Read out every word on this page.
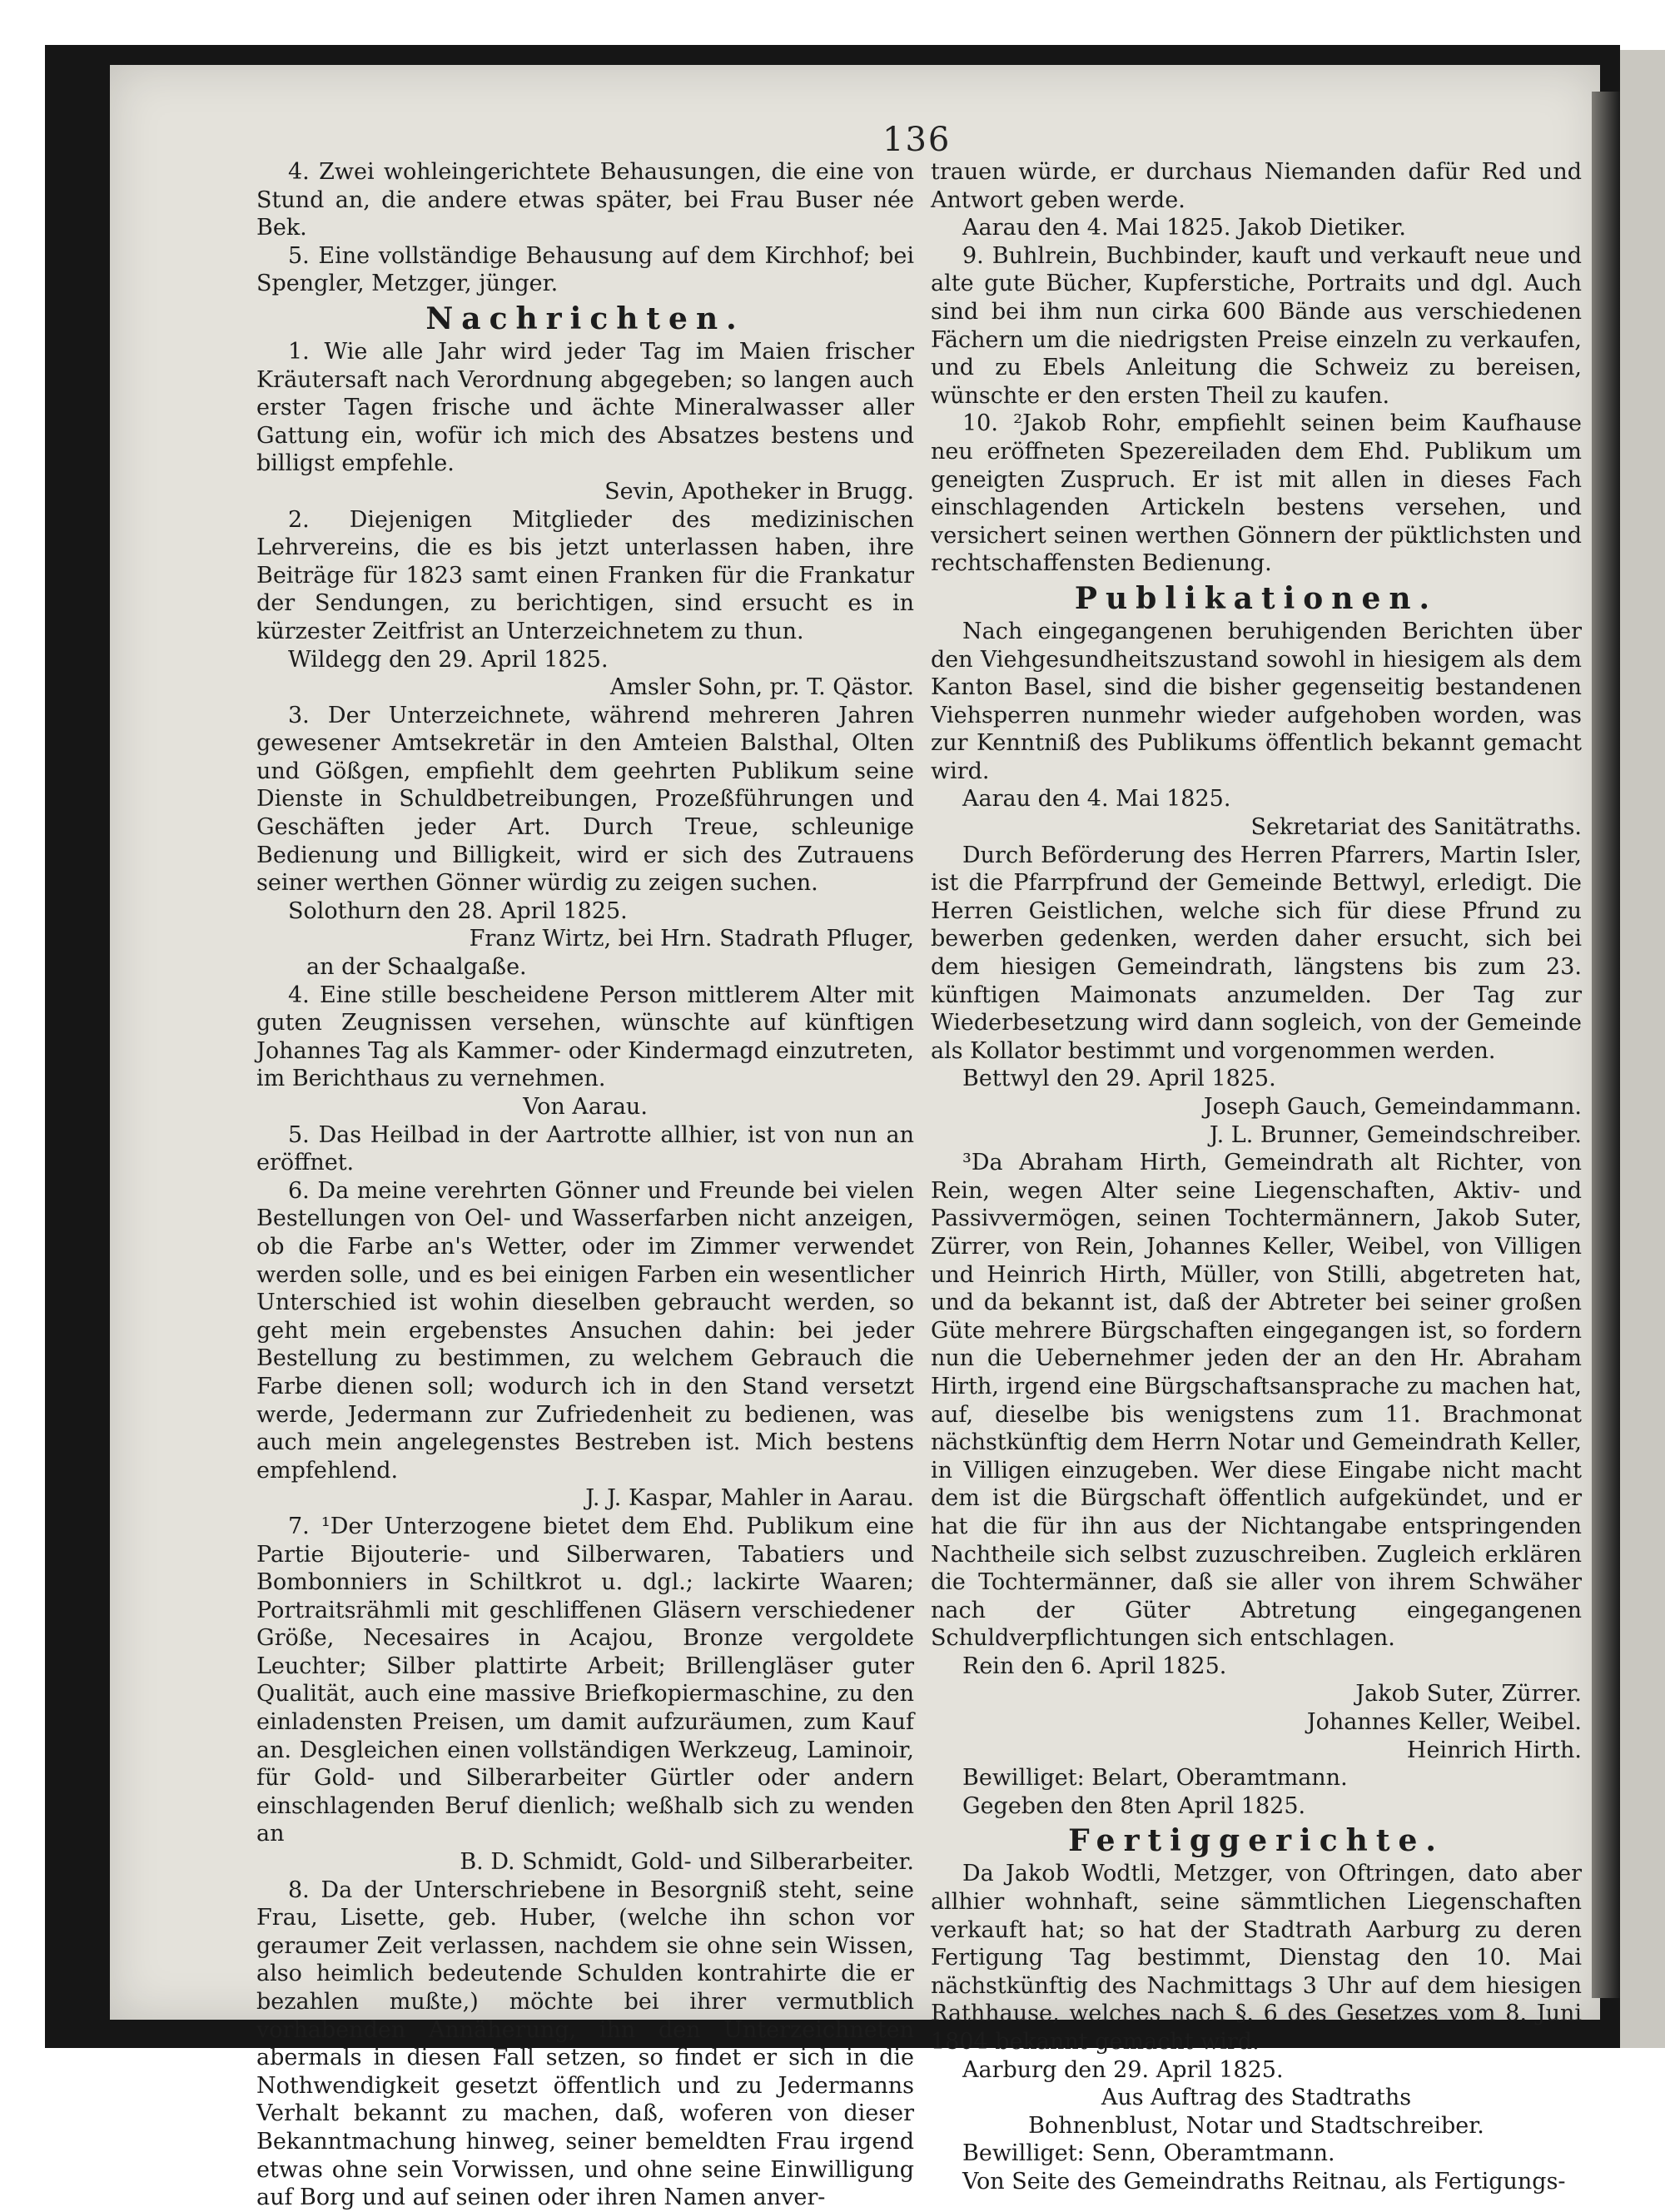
136

4. Zwei wohleingerichtete Behausungen, die eine von Stund an, die andere etwas später, bei Frau Buser née Bek.

5. Eine vollständige Behausung auf dem Kirchhof; bei Spengler, Metzger, jünger.

Nachrichten.

1. Wie alle Jahr wird jeder Tag im Maien frischer Kräutersaft nach Verordnung abgegeben; so langen auch erster Tagen frische und ächte Mineralwasser aller Gattung ein, wofür ich mich des Absatzes bestens und billigst empfehle.

Sevin, Apotheker in Brugg.

2. Diejenigen Mitglieder des medizinischen Lehrvereins, die es bis jetzt unterlassen haben, ihre Beiträge für 1823 samt einen Franken für die Frankatur der Sendungen, zu berichtigen, sind ersucht es in kürzester Zeitfrist an Unterzeichnetem zu thun.

Wildegg den 29. April 1825.

Amsler Sohn, pr. T. Qästor.

3. Der Unterzeichnete, während mehreren Jahren gewesener Amtsekretär in den Amteien Balsthal, Olten und Gößgen, empfiehlt dem geehrten Publikum seine Dienste in Schuldbetreibungen, Prozeßführungen und Geschäften jeder Art. Durch Treue, schleunige Bedienung und Billigkeit, wird er sich des Zutrauens seiner werthen Gönner würdig zu zeigen suchen.

Solothurn den 28. April 1825.

Franz Wirtz, bei Hrn. Stadrath Pfluger,

an der Schaalgaße.

4. Eine stille bescheidene Person mittlerem Alter mit guten Zeugnissen versehen, wünschte auf künftigen Johannes Tag als Kammer- oder Kindermagd einzutreten, im Berichthaus zu vernehmen.

Von Aarau.

5. Das Heilbad in der Aartrotte allhier, ist von nun an eröffnet.

6. Da meine verehrten Gönner und Freunde bei vielen Bestellungen von Oel- und Wasserfarben nicht anzeigen, ob die Farbe an's Wetter, oder im Zimmer verwendet werden solle, und es bei einigen Farben ein wesentlicher Unterschied ist wohin dieselben gebraucht werden, so geht mein ergebenstes Ansuchen dahin: bei jeder Bestellung zu bestimmen, zu welchem Gebrauch die Farbe dienen soll; wodurch ich in den Stand versetzt werde, Jedermann zur Zufriedenheit zu bedienen, was auch mein angelegenstes Bestreben ist. Mich bestens empfehlend.

J. J. Kaspar, Mahler in Aarau.

7. ¹Der Unterzogene bietet dem Ehd. Publikum eine Partie Bijouterie- und Silberwaren, Tabatiers und Bombonniers in Schiltkrot u. dgl.; lackirte Waaren; Portraitsrähmli mit geschliffenen Gläsern verschiedener Größe, Necesaires in Acajou, Bronze vergoldete Leuchter; Silber plattirte Arbeit; Brillengläser guter Qualität, auch eine massive Briefkopiermaschine, zu den einladensten Preisen, um damit aufzuräumen, zum Kauf an. Desgleichen einen vollständigen Werkzeug, Laminoir, für Gold- und Silberarbeiter Gürtler oder andern einschlagenden Beruf dienlich; weßhalb sich zu wenden an

B. D. Schmidt, Gold- und Silberarbeiter.

8. Da der Unterschriebene in Besorgniß steht, seine Frau, Lisette, geb. Huber, (welche ihn schon vor geraumer Zeit verlassen, nachdem sie ohne sein Wissen, also heimlich bedeutende Schulden kontrahirte die er bezahlen mußte,) möchte bei ihrer vermutblich vorhabenden Annäherung, ihn den Unterzeichneten abermals in diesen Fall setzen, so findet er sich in die Nothwendigkeit gesetzt öffentlich und zu Jedermanns Verhalt bekannt zu machen, daß, woferen von dieser Bekanntmachung hinweg, seiner bemeldten Frau irgend etwas ohne sein Vorwissen, und ohne seine Einwilligung auf Borg und auf seinen oder ihren Namen anver-

trauen würde, er durchaus Niemanden dafür Red und Antwort geben werde.

Aarau den 4. Mai 1825. Jakob Dietiker.

9. Buhlrein, Buchbinder, kauft und verkauft neue und alte gute Bücher, Kupferstiche, Portraits und dgl. Auch sind bei ihm nun cirka 600 Bände aus verschiedenen Fächern um die niedrigsten Preise einzeln zu verkaufen, und zu Ebels Anleitung die Schweiz zu bereisen, wünschte er den ersten Theil zu kaufen.

10. ²Jakob Rohr, empfiehlt seinen beim Kaufhause neu eröffneten Spezereiladen dem Ehd. Publikum um geneigten Zuspruch. Er ist mit allen in dieses Fach einschlagenden Artickeln bestens versehen, und versichert seinen werthen Gönnern der püktlichsten und rechtschaffensten Bedienung.

Publikationen.

Nach eingegangenen beruhigenden Berichten über den Viehgesundheitszustand sowohl in hiesigem als dem Kanton Basel, sind die bisher gegenseitig bestandenen Viehsperren nunmehr wieder aufgehoben worden, was zur Kenntniß des Publikums öffentlich bekannt gemacht wird.

Aarau den 4. Mai 1825.

Sekretariat des Sanitätraths.

Durch Beförderung des Herren Pfarrers, Martin Isler, ist die Pfarrpfrund der Gemeinde Bettwyl, erledigt. Die Herren Geistlichen, welche sich für diese Pfrund zu bewerben gedenken, werden daher ersucht, sich bei dem hiesigen Gemeindrath, längstens bis zum 23. künftigen Maimonats anzumelden. Der Tag zur Wiederbesetzung wird dann sogleich, von der Gemeinde als Kollator bestimmt und vorgenommen werden.

Bettwyl den 29. April 1825.

Joseph Gauch, Gemeindammann.

J. L. Brunner, Gemeindschreiber.

³Da Abraham Hirth, Gemeindrath alt Richter, von Rein, wegen Alter seine Liegenschaften, Aktiv- und Passivvermögen, seinen Tochtermännern, Jakob Suter, Zürrer, von Rein, Johannes Keller, Weibel, von Villigen und Heinrich Hirth, Müller, von Stilli, abgetreten hat, und da bekannt ist, daß der Abtreter bei seiner großen Güte mehrere Bürgschaften eingegangen ist, so fordern nun die Uebernehmer jeden der an den Hr. Abraham Hirth, irgend eine Bürgschaftsansprache zu machen hat, auf, dieselbe bis wenigstens zum 11. Brachmonat nächstkünftig dem Herrn Notar und Gemeindrath Keller, in Villigen einzugeben. Wer diese Eingabe nicht macht dem ist die Bürgschaft öffentlich aufgekündet, und er hat die für ihn aus der Nichtangabe entspringenden Nachtheile sich selbst zuzuschreiben. Zugleich erklären die Tochtermänner, daß sie aller von ihrem Schwäher nach der Güter Abtretung eingegangenen Schuldverpflichtungen sich entschlagen.

Rein den 6. April 1825.

Jakob Suter, Zürrer.

Johannes Keller, Weibel.

Heinrich Hirth.

Bewilliget: Belart, Oberamtmann.

Gegeben den 8ten April 1825.

Fertiggerichte.

Da Jakob Wodtli, Metzger, von Oftringen, dato aber allhier wohnhaft, seine sämmtlichen Liegenschaften verkauft hat; so hat der Stadtrath Aarburg zu deren Fertigung Tag bestimmt, Dienstag den 10. Mai nächstkünftig des Nachmittags 3 Uhr auf dem hiesigen Rathhause, welches nach §. 6 des Gesetzes vom 8. Juni 1804 bekannt gemacht wird.

Aarburg den 29. April 1825.

Aus Auftrag des Stadtraths

Bohnenblust, Notar und Stadtschreiber.

Bewilliget: Senn, Oberamtmann.

Von Seite des Gemeindraths Reitnau, als Fertigungs-
